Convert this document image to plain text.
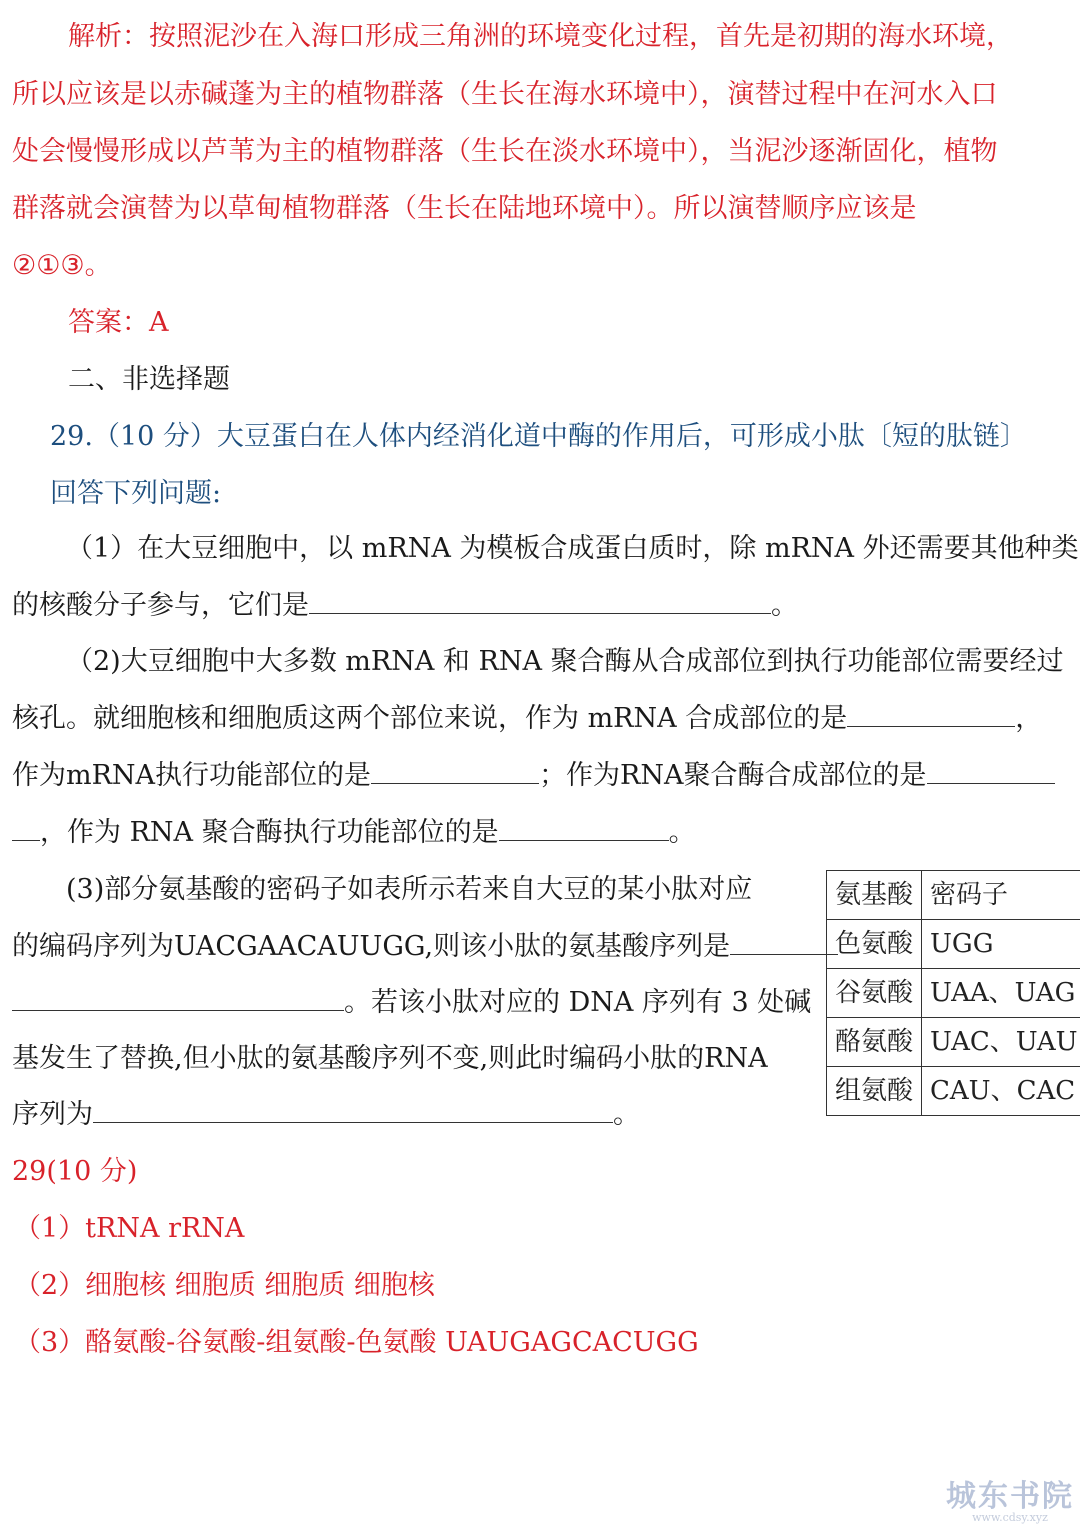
解析：按照泥沙在入海口形成三角洲的环境变化过程，首先是初期的海水环境，
所以应该是以赤碱蓬为主的植物群落（生长在海水环境中），演替过程中在河水入口
处会慢慢形成以芦苇为主的植物群落（生长在淡水环境中），当泥沙逐渐固化，植物
群落就会演替为以草甸植物群落（生长在陆地环境中）。所以演替顺序应该是
②①③。
答案：A
二、非选择题
29.（10 分）大豆蛋白在人体内经消化道中酶的作用后，可形成小肽〔短的肽链〕
回答下列问题:
（1）在大豆细胞中，以 mRNA 为模板合成蛋白质时，除 mRNA 外还需要其他种类
的核酸分子参与，它们是	。
（2)大豆细胞中大多数 mRNA 和 RNA 聚合酶从合成部位到执行功能部位需要经过
核孔。就细胞核和细胞质这两个部位来说，作为 mRNA 合成部位的是	，
作为mRNA执行功能部位的是	；作为RNA聚合酶合成部位的是
，作为 RNA 聚合酶执行功能部位的是	。
(3)部分氨基酸的密码子如表所示若来自大豆的某小肽对应
的编码序列为UACGAACAUUGG,则该小肽的氨基酸序列是
。若该小肽对应的 DNA 序列有 3 处碱
基发生了替换,但小肽的氨基酸序列不变,则此时编码小肽的RNA
序列为	。
氨基酸	密码子
色氨酸	UGG
谷氨酸	UAA、UAG
酪氨酸	UAC、UAU
组氨酸	CAU、CAC
29(10 分)
（1）tRNA rRNA
（2）细胞核 细胞质 细胞质 细胞核
（3）酪氨酸-谷氨酸-组氨酸-色氨酸 UAUGAGCACUGG
城东书院
www.cdsy.xyz
